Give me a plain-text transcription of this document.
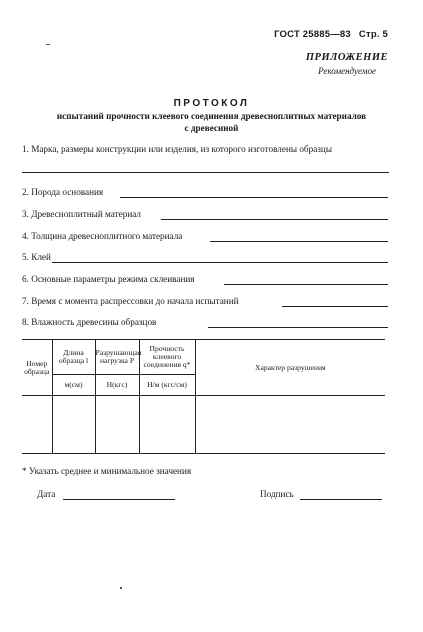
ГОСТ 25885—83 Стр. 5
ПРИЛОЖЕНИЕ
Рекомендуемое
ПРОТОКОЛ
испытаний прочности клеевого соединения древесноплитных материалов
с древесиной
1. Марка, размеры конструкции или изделия, из которого изготовлены образцы
2. Порода основания
3. Древесноплитный материал
4. Толщина древесноплитного материала
5. Клей
6. Основные параметры режима склеивания
7. Время с момента распрессовки до начала испытаний
8. Влажность древесины образцов
Номер образца	Длина образца l	Разрушающая нагрузка P	Прочность клеевого соединения q*	Характер разрушения
	м(см)	Н(кгс)	Н/м (кгс/см)	

* Указать среднее и минимальное значения
Дата	Подпись
